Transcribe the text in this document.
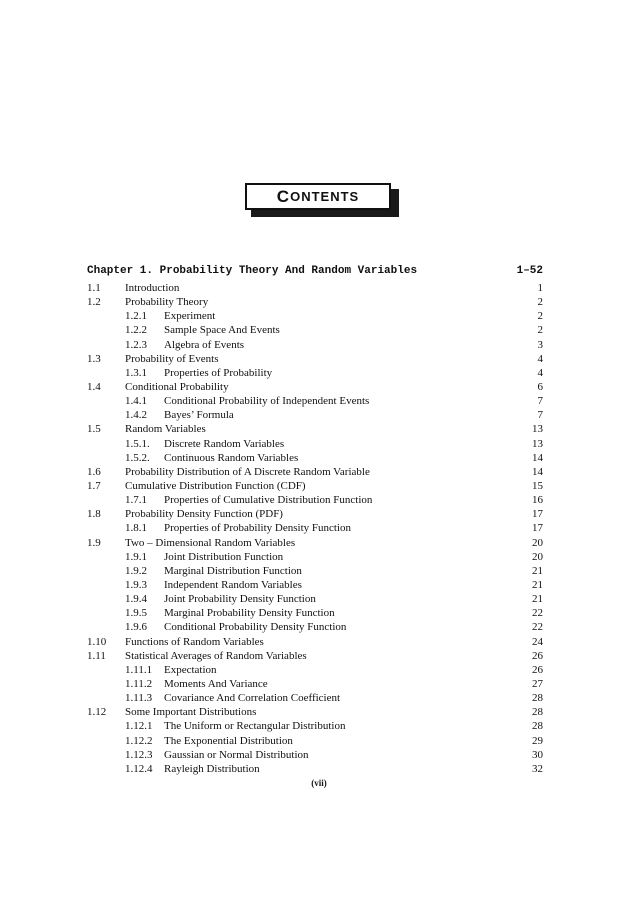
C ONTENTS
Chapter 1. Probability Theory And Random Variables	1–52
1.1	Introduction	1
1.2	Probability Theory	2
1.2.1	Experiment	2
1.2.2	Sample Space And Events	2
1.2.3	Algebra of Events	3
1.3	Probability of Events	4
1.3.1	Properties of Probability	4
1.4	Conditional Probability	6
1.4.1	Conditional Probability of Independent Events	7
1.4.2	Bayes’ Formula	7
1.5	Random Variables	13
1.5.1.	Discrete Random Variables	13
1.5.2.	Continuous Random Variables	14
1.6	Probability Distribution of A Discrete Random Variable	14
1.7	Cumulative Distribution Function (CDF)	15
1.7.1	Properties of Cumulative Distribution Function	16
1.8	Probability Density Function (PDF)	17
1.8.1	Properties of Probability Density Function	17
1.9	Two – Dimensional Random Variables	20
1.9.1	Joint Distribution Function	20
1.9.2	Marginal Distribution Function	21
1.9.3	Independent Random Variables	21
1.9.4	Joint Probability Density Function	21
1.9.5	Marginal Probability Density Function	22
1.9.6	Conditional Probability Density Function	22
1.10	Functions of Random Variables	24
1.11	Statistical Averages of Random Variables	26
1.11.1	Expectation	26
1.11.2	Moments And Variance	27
1.11.3	Covariance And Correlation Coefficient	28
1.12	Some Important Distributions	28
1.12.1	The Uniform or Rectangular Distribution	28
1.12.2	The Exponential Distribution	29
1.12.3	Gaussian or Normal Distribution	30
1.12.4	Rayleigh Distribution	32
(vii)
